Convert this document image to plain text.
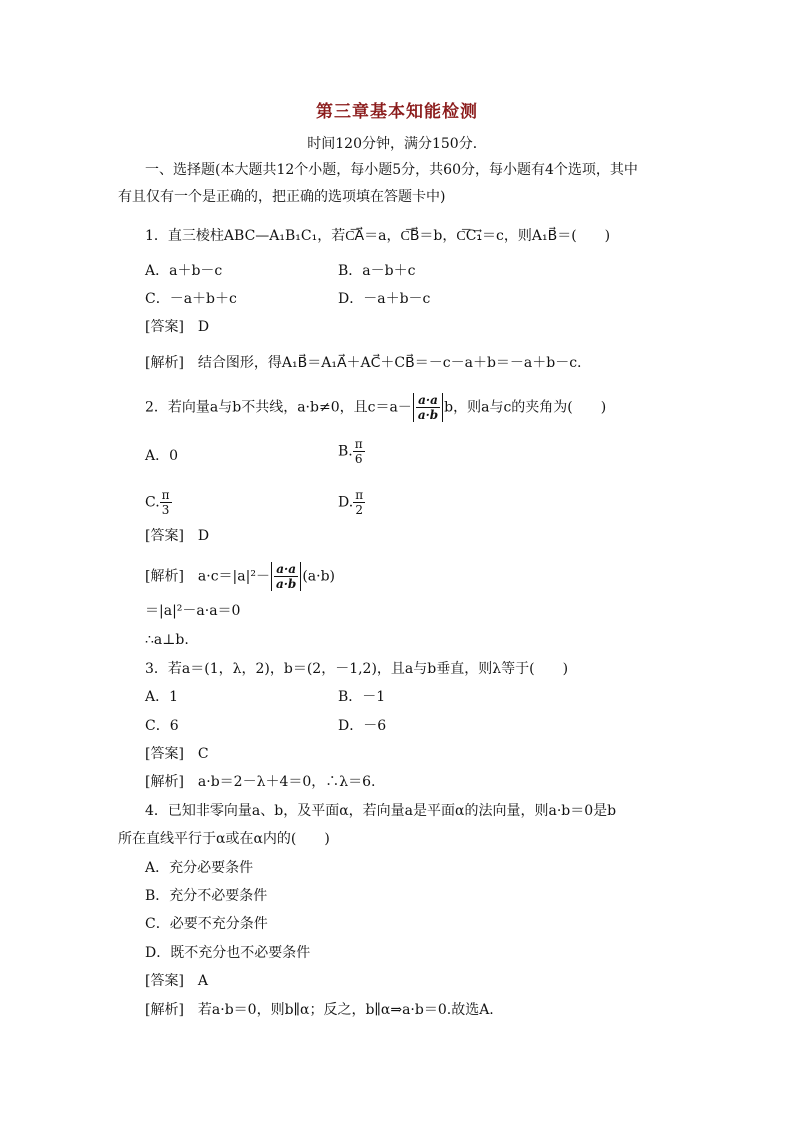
第三章基本知能检测
时间120分钟，满分150分．
一、选择题(本大题共12个小题，每小题5分，共60分，每小题有4个选项，其中
有且仅有一个是正确的，把正确的选项填在答题卡中)
1．直三棱柱ABC—A₁B₁C₁，若C͞A⃗＝a，C͞B⃗＝b，C͞C₁⃗＝c，则A₁B⃗＝(　　)
A．a＋b－c	B．a－b＋c
C．－a＋b＋c	D．－a＋b－c
[答案]　D
[解析]　结合图形，得A₁B⃗＝A₁A⃗＋AC⃗＋CB⃗＝－c－a＋b＝－a＋b－c.
2．若向量a与b不共线，a·b≠0，且$c=a- \frac{a\cdot a}{a\cdot b}$ b，则a与c的夹角为(　　)
A．0	B. $\frac{\pi}{6}$
C. $\frac{\pi}{3}$	D. $\frac{\pi}{2}$
[答案]　D
[解析]　$a\cdot c=|a|^2- \frac{a\cdot a}{a\cdot b} (a\cdot b)$
＝|a|²－a·a＝0
∴a⊥b.
3．若a＝(1，λ，2)，b＝(2，－1,2)，且a与b垂直，则λ等于(　　)
A．1	B．－1
C．6	D．－6
[答案]　C
[解析]　a·b＝2－λ＋4＝0，∴λ＝6.
4．已知非零向量a、b，及平面α，若向量a是平面α的法向量，则a·b＝0是b
所在直线平行于α或在α内的(　　)
A．充分必要条件
B．充分不必要条件
C．必要不充分条件
D．既不充分也不必要条件
[答案]　A
[解析]　若a·b＝0，则b∥α；反之，b∥α⇒a·b＝0.故选A.
